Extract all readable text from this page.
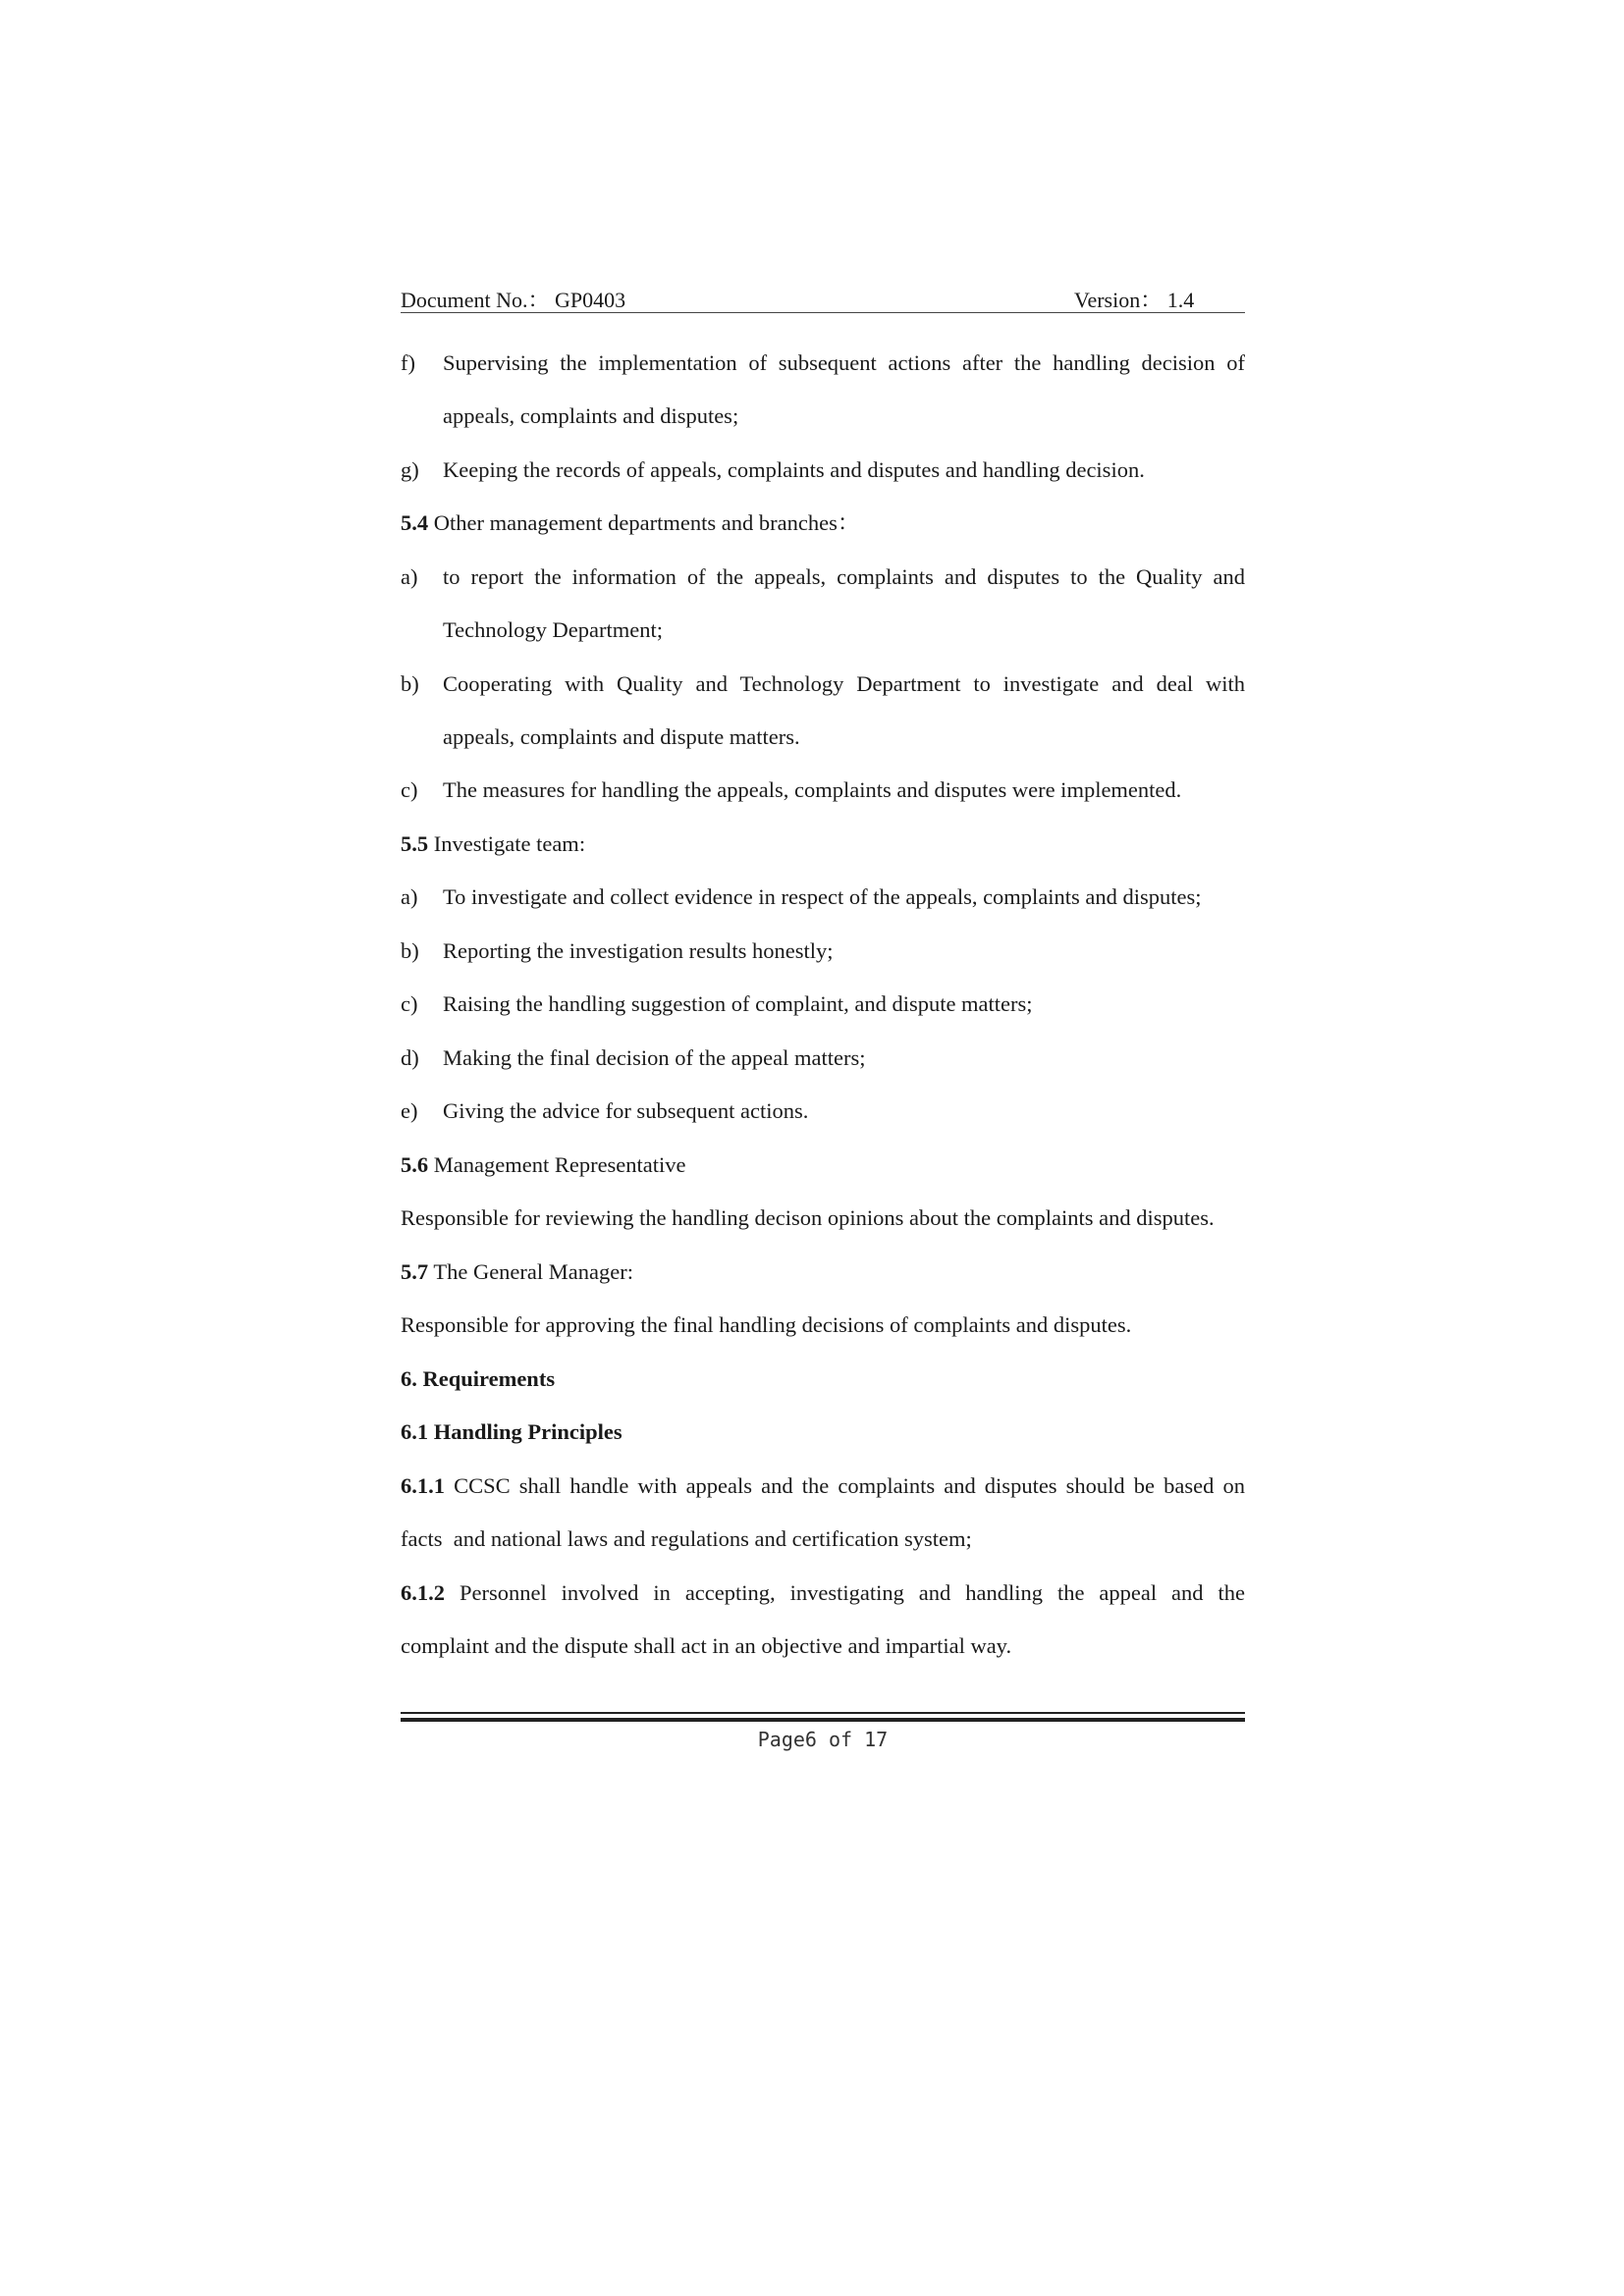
Document No.： GP0403	Version： 1.4
f) Supervising the implementation of subsequent actions after the handling decision of
appeals, complaints and disputes;
g) Keeping the records of appeals, complaints and disputes and handling decision.
5.4 Other management departments and branches：
a) to report the information of the appeals, complaints and disputes to the Quality and
Technology Department;
b) Cooperating with Quality and Technology Department to investigate and deal with
appeals, complaints and dispute matters.
c) The measures for handling the appeals, complaints and disputes were implemented.
5.5 Investigate team:
a) To investigate and collect evidence in respect of the appeals, complaints and disputes;
b) Reporting the investigation results honestly;
c) Raising the handling suggestion of complaint, and dispute matters;
d) Making the final decision of the appeal matters;
e) Giving the advice for subsequent actions.
5.6 Management Representative
Responsible for reviewing the handling decison opinions about the complaints and disputes.
5.7 The General Manager:
Responsible for approving the final handling decisions of complaints and disputes.
6. Requirements
6.1 Handling Principles
6.1.1 CCSC shall handle with appeals and the complaints and disputes should be based on
facts  and national laws and regulations and certification system;
6.1.2 Personnel involved in accepting, investigating and handling the appeal and the
complaint and the dispute shall act in an objective and impartial way.
Page6 of 17
